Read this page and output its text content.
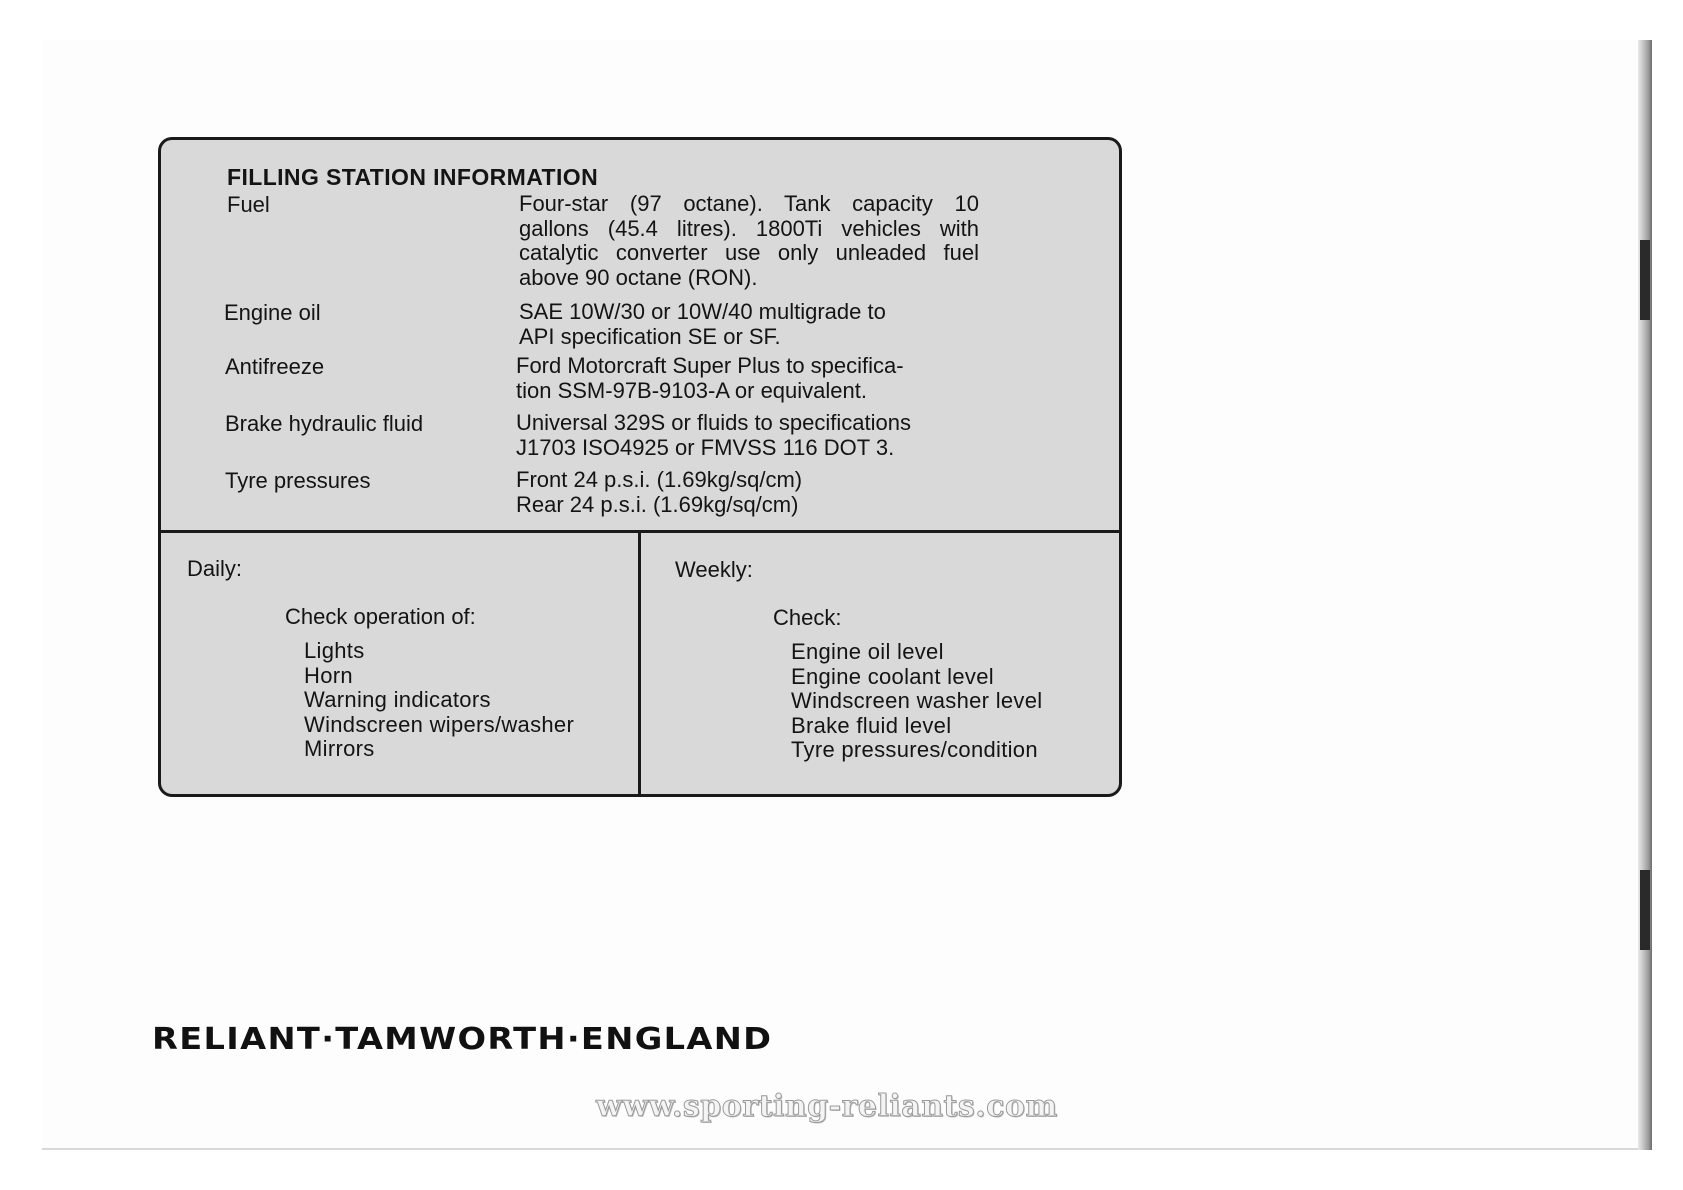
FILLING STATION INFORMATION
Fuel	Four-star (97 octane). Tank capacity 10
gallons (45.4 litres). 1800Ti vehicles with
catalytic converter use only unleaded fuel
above 90 octane (RON).
Engine oil	SAE 10W/30 or 10W/40 multigrade to
API specification SE or SF.
Antifreeze	Ford Motorcraft Super Plus to specifica-
tion SSM-97B-9103-A or equivalent.
Brake hydraulic fluid	Universal 329S or fluids to specifications
J1703 ISO4925 or FMVSS 116 DOT 3.
Tyre pressures	Front 24 p.s.i. (1.69kg/sq/cm)
Rear 24 p.s.i. (1.69kg/sq/cm)
Daily:
Check operation of:
Lights
Horn
Warning indicators
Windscreen wipers/washer
Mirrors
Weekly:
Check:
Engine oil level
Engine coolant level
Windscreen washer level
Brake fluid level
Tyre pressures/condition
RELIANT·TAMWORTH·ENGLAND
www.sporting-reliants.com
